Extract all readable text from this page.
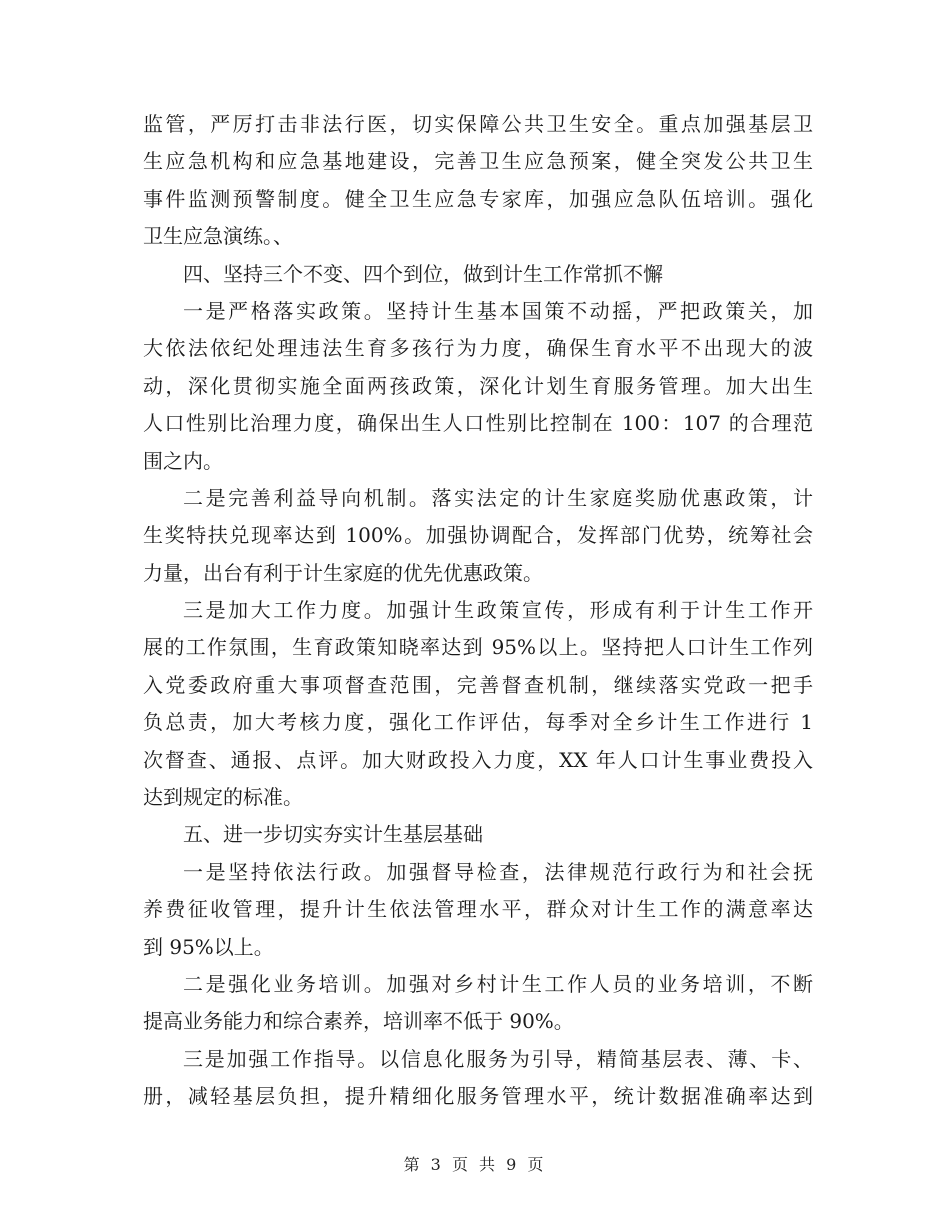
监管，严厉打击非法行医，切实保障公共卫生安全。重点加强基层卫
生应急机构和应急基地建设，完善卫生应急预案，健全突发公共卫生
事件监测预警制度。健全卫生应急专家库，加强应急队伍培训。强化
卫生应急演练。、
四、坚持三个不变、四个到位，做到计生工作常抓不懈
一是严格落实政策。坚持计生基本国策不动摇，严把政策关，加
大依法依纪处理违法生育多孩行为力度，确保生育水平不出现大的波
动，深化贯彻实施全面两孩政策，深化计划生育服务管理。加大出生
人口性别比治理力度，确保出生人口性别比控制在 100：107 的合理范
围之内。
二是完善利益导向机制。落实法定的计生家庭奖励优惠政策，计
生奖特扶兑现率达到 100%。加强协调配合，发挥部门优势，统筹社会
力量，出台有利于计生家庭的优先优惠政策。
三是加大工作力度。加强计生政策宣传，形成有利于计生工作开
展的工作氛围，生育政策知晓率达到 95%以上。坚持把人口计生工作列
入党委政府重大事项督查范围，完善督查机制，继续落实党政一把手
负总责，加大考核力度，强化工作评估，每季对全乡计生工作进行 1
次督查、通报、点评。加大财政投入力度，XX 年人口计生事业费投入
达到规定的标准。
五、进一步切实夯实计生基层基础
一是坚持依法行政。加强督导检查，法律规范行政行为和社会抚
养费征收管理，提升计生依法管理水平，群众对计生工作的满意率达
到 95%以上。
二是强化业务培训。加强对乡村计生工作人员的业务培训，不断
提高业务能力和综合素养，培训率不低于 90%。
三是加强工作指导。以信息化服务为引导，精简基层表、薄、卡、
册，减轻基层负担，提升精细化服务管理水平，统计数据准确率达到
第 3 页 共 9 页
